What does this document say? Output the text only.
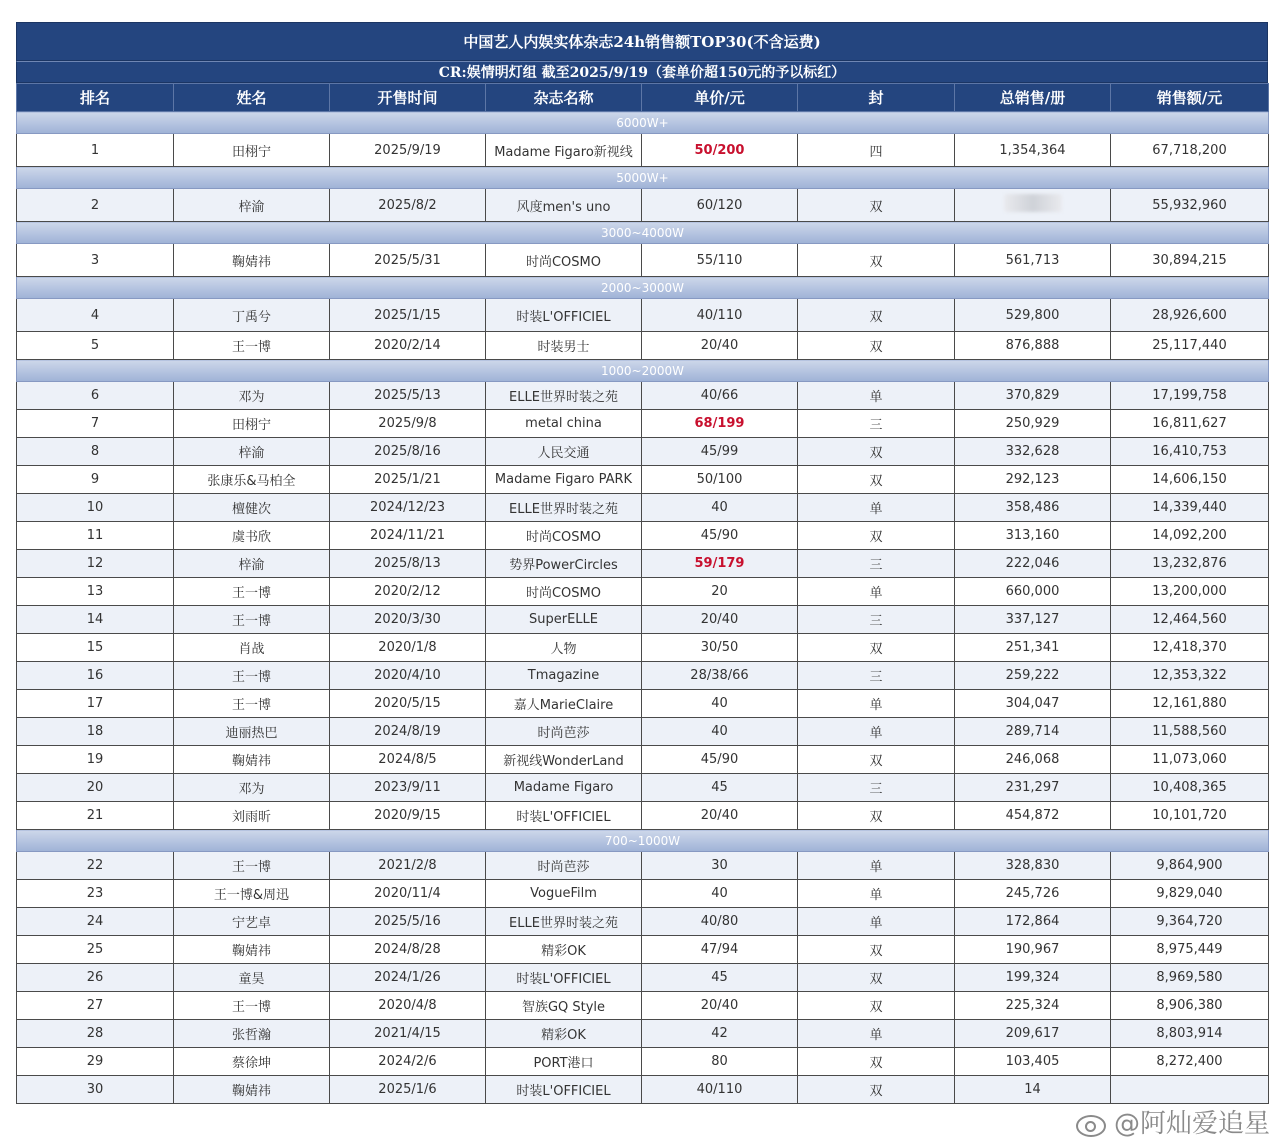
中国艺人内娱实体杂志24h销售额TOP30(不含运费)
CR:娱情明灯组 截至2025/9/19（套单价超150元的予以标红）
排名	姓名	开售时间	杂志名称	单价/元	封	总销售/册	销售额/元
6000W+							
1	田栩宁	2025/9/19	Madame Figaro新视线	50/200	四	1,354,364	67,718,200
5000W+							
2	梓渝	2025/8/2	风度men's uno	60/120	双		55,932,960
3000~4000W							
3	鞠婧祎	2025/5/31	时尚COSMO	55/110	双	561,713	30,894,215
2000~3000W							
4	丁禹兮	2025/1/15	时装L'OFFICIEL	40/110	双	529,800	28,926,600
5	王一博	2020/2/14	时装男士	20/40	双	876,888	25,117,440
1000~2000W							
6	邓为	2025/5/13	ELLE世界时装之苑	40/66	单	370,829	17,199,758
7	田栩宁	2025/9/8	metal china	68/199	三	250,929	16,811,627
8	梓渝	2025/8/16	人民交通	45/99	双	332,628	16,410,753
9	张康乐&马柏全	2025/1/21	Madame Figaro PARK	50/100	双	292,123	14,606,150
10	檀健次	2024/12/23	ELLE世界时装之苑	40	单	358,486	14,339,440
11	虞书欣	2024/11/21	时尚COSMO	45/90	双	313,160	14,092,200
12	梓渝	2025/8/13	势界PowerCircles	59/179	三	222,046	13,232,876
13	王一博	2020/2/12	时尚COSMO	20	单	660,000	13,200,000
14	王一博	2020/3/30	SuperELLE	20/40	三	337,127	12,464,560
15	肖战	2020/1/8	人物	30/50	双	251,341	12,418,370
16	王一博	2020/4/10	Tmagazine	28/38/66	三	259,222	12,353,322
17	王一博	2020/5/15	嘉人MarieClaire	40	单	304,047	12,161,880
18	迪丽热巴	2024/8/19	时尚芭莎	40	单	289,714	11,588,560
19	鞠婧祎	2024/8/5	新视线WonderLand	45/90	双	246,068	11,073,060
20	邓为	2023/9/11	Madame Figaro	45	三	231,297	10,408,365
21	刘雨昕	2020/9/15	时装L'OFFICIEL	20/40	双	454,872	10,101,720
700~1000W							
22	王一博	2021/2/8	时尚芭莎	30	单	328,830	9,864,900
23	王一博&周迅	2020/11/4	VogueFilm	40	单	245,726	9,829,040
24	宁艺卓	2025/5/16	ELLE世界时装之苑	40/80	单	172,864	9,364,720
25	鞠婧祎	2024/8/28	精彩OK	47/94	双	190,967	8,975,449
26	童昊	2024/1/26	时装L'OFFICIEL	45	双	199,324	8,969,580
27	王一博	2020/4/8	智族GQ Style	20/40	双	225,324	8,906,380
28	张哲瀚	2021/4/15	精彩OK	42	单	209,617	8,803,914
29	蔡徐坤	2024/2/6	PORT港口	80	双	103,405	8,272,400
30	鞠婧祎	2025/1/6	时装L'OFFICIEL	40/110	双	14	
@阿灿爱追星
